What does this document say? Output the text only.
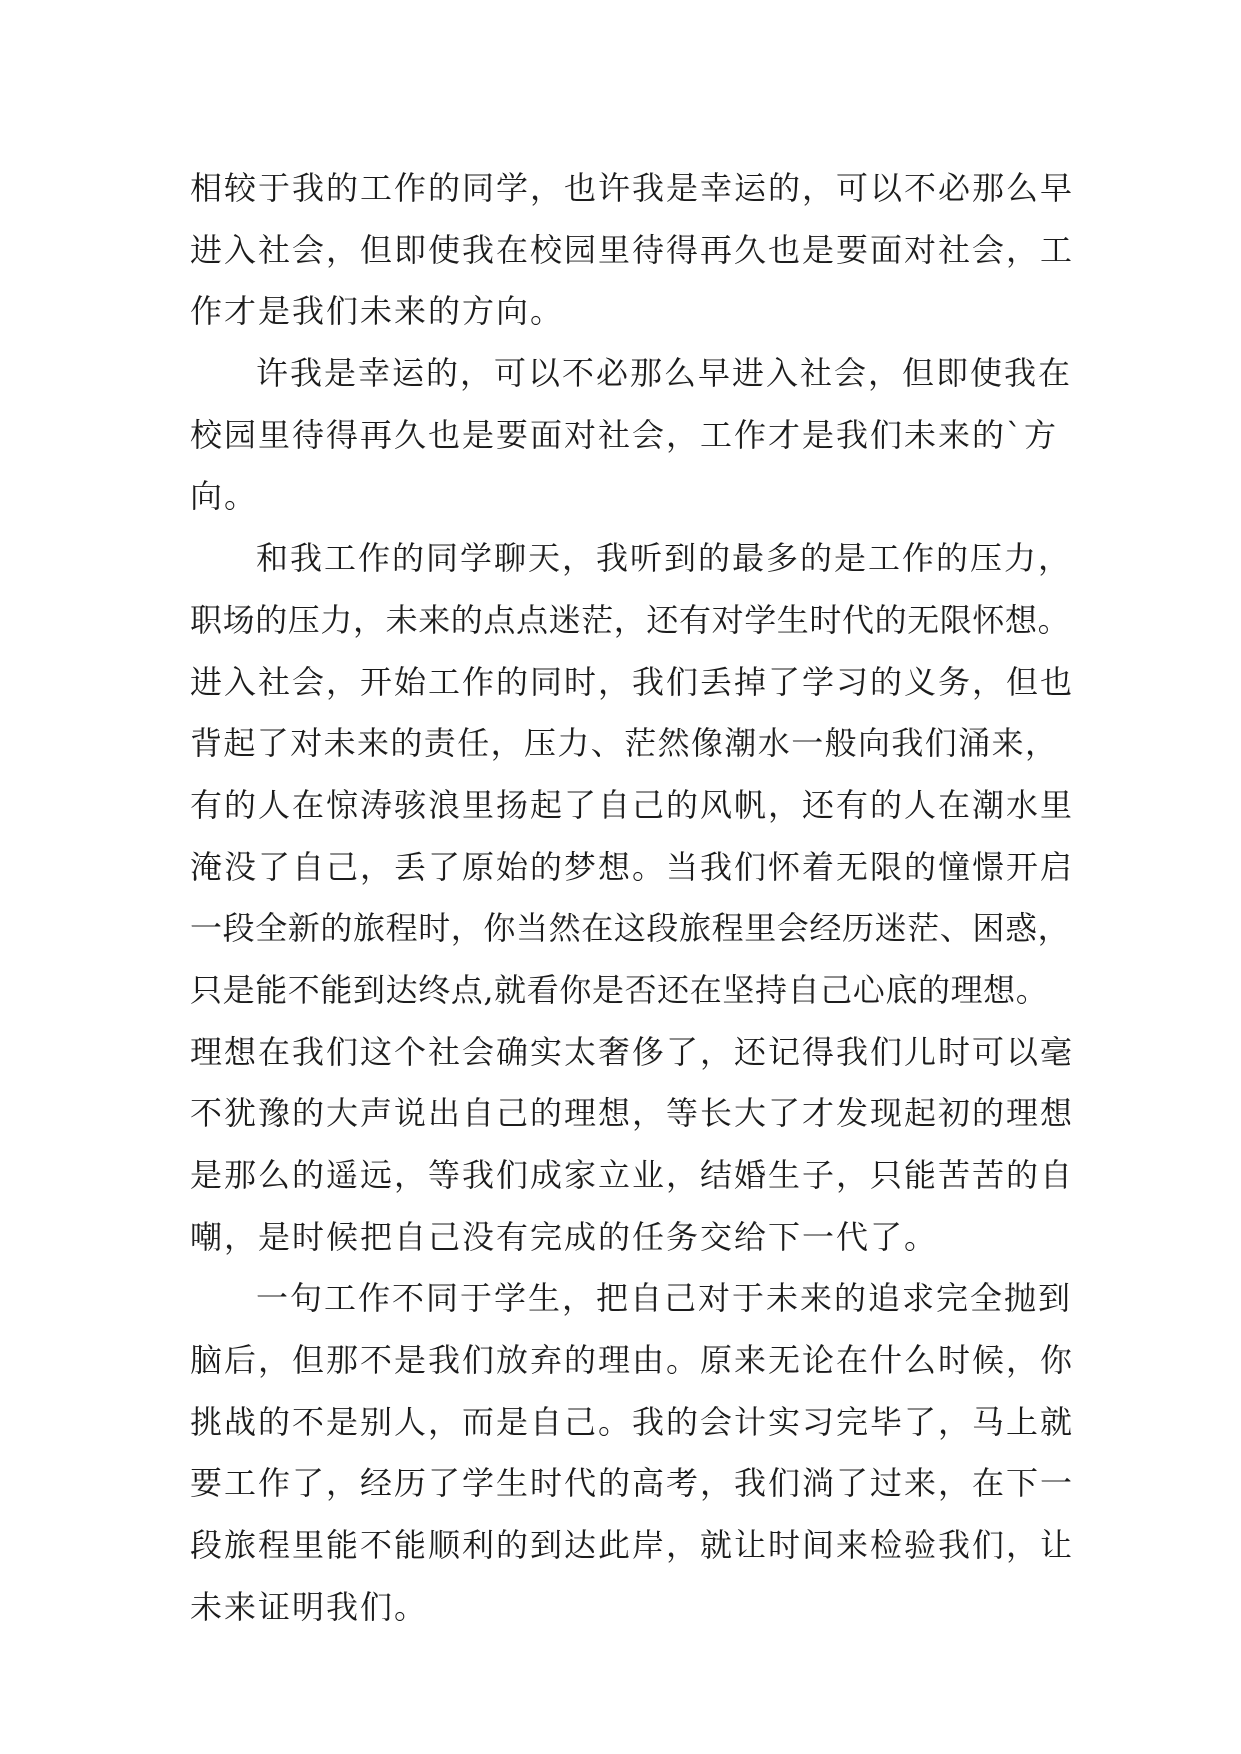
相较于我的工作的同学，也许我是幸运的，可以不必那么早
进入社会，但即使我在校园里待得再久也是要面对社会，工
作才是我们未来的方向。
许我是幸运的，可以不必那么早进入社会，但即使我在
校园里待得再久也是要面对社会，工作才是我们未来的`方
向。
和我工作的同学聊天，我听到的最多的是工作的压力，
职场的压力，未来的点点迷茫，还有对学生时代的无限怀想。
进入社会，开始工作的同时，我们丢掉了学习的义务，但也
背起了对未来的责任，压力、茫然像潮水一般向我们涌来，
有的人在惊涛骇浪里扬起了自己的风帆，还有的人在潮水里
淹没了自己，丢了原始的梦想。当我们怀着无限的憧憬开启
一段全新的旅程时，你当然在这段旅程里会经历迷茫、困惑，
只是能不能到达终点,就看你是否还在坚持自己心底的理想。
理想在我们这个社会确实太奢侈了，还记得我们儿时可以毫
不犹豫的大声说出自己的理想，等长大了才发现起初的理想
是那么的遥远，等我们成家立业，结婚生子，只能苦苦的自
嘲，是时候把自己没有完成的任务交给下一代了。
一句工作不同于学生，把自己对于未来的追求完全抛到
脑后，但那不是我们放弃的理由。原来无论在什么时候，你
挑战的不是别人，而是自己。我的会计实习完毕了，马上就
要工作了，经历了学生时代的高考，我们淌了过来，在下一
段旅程里能不能顺利的到达此岸，就让时间来检验我们，让
未来证明我们。
